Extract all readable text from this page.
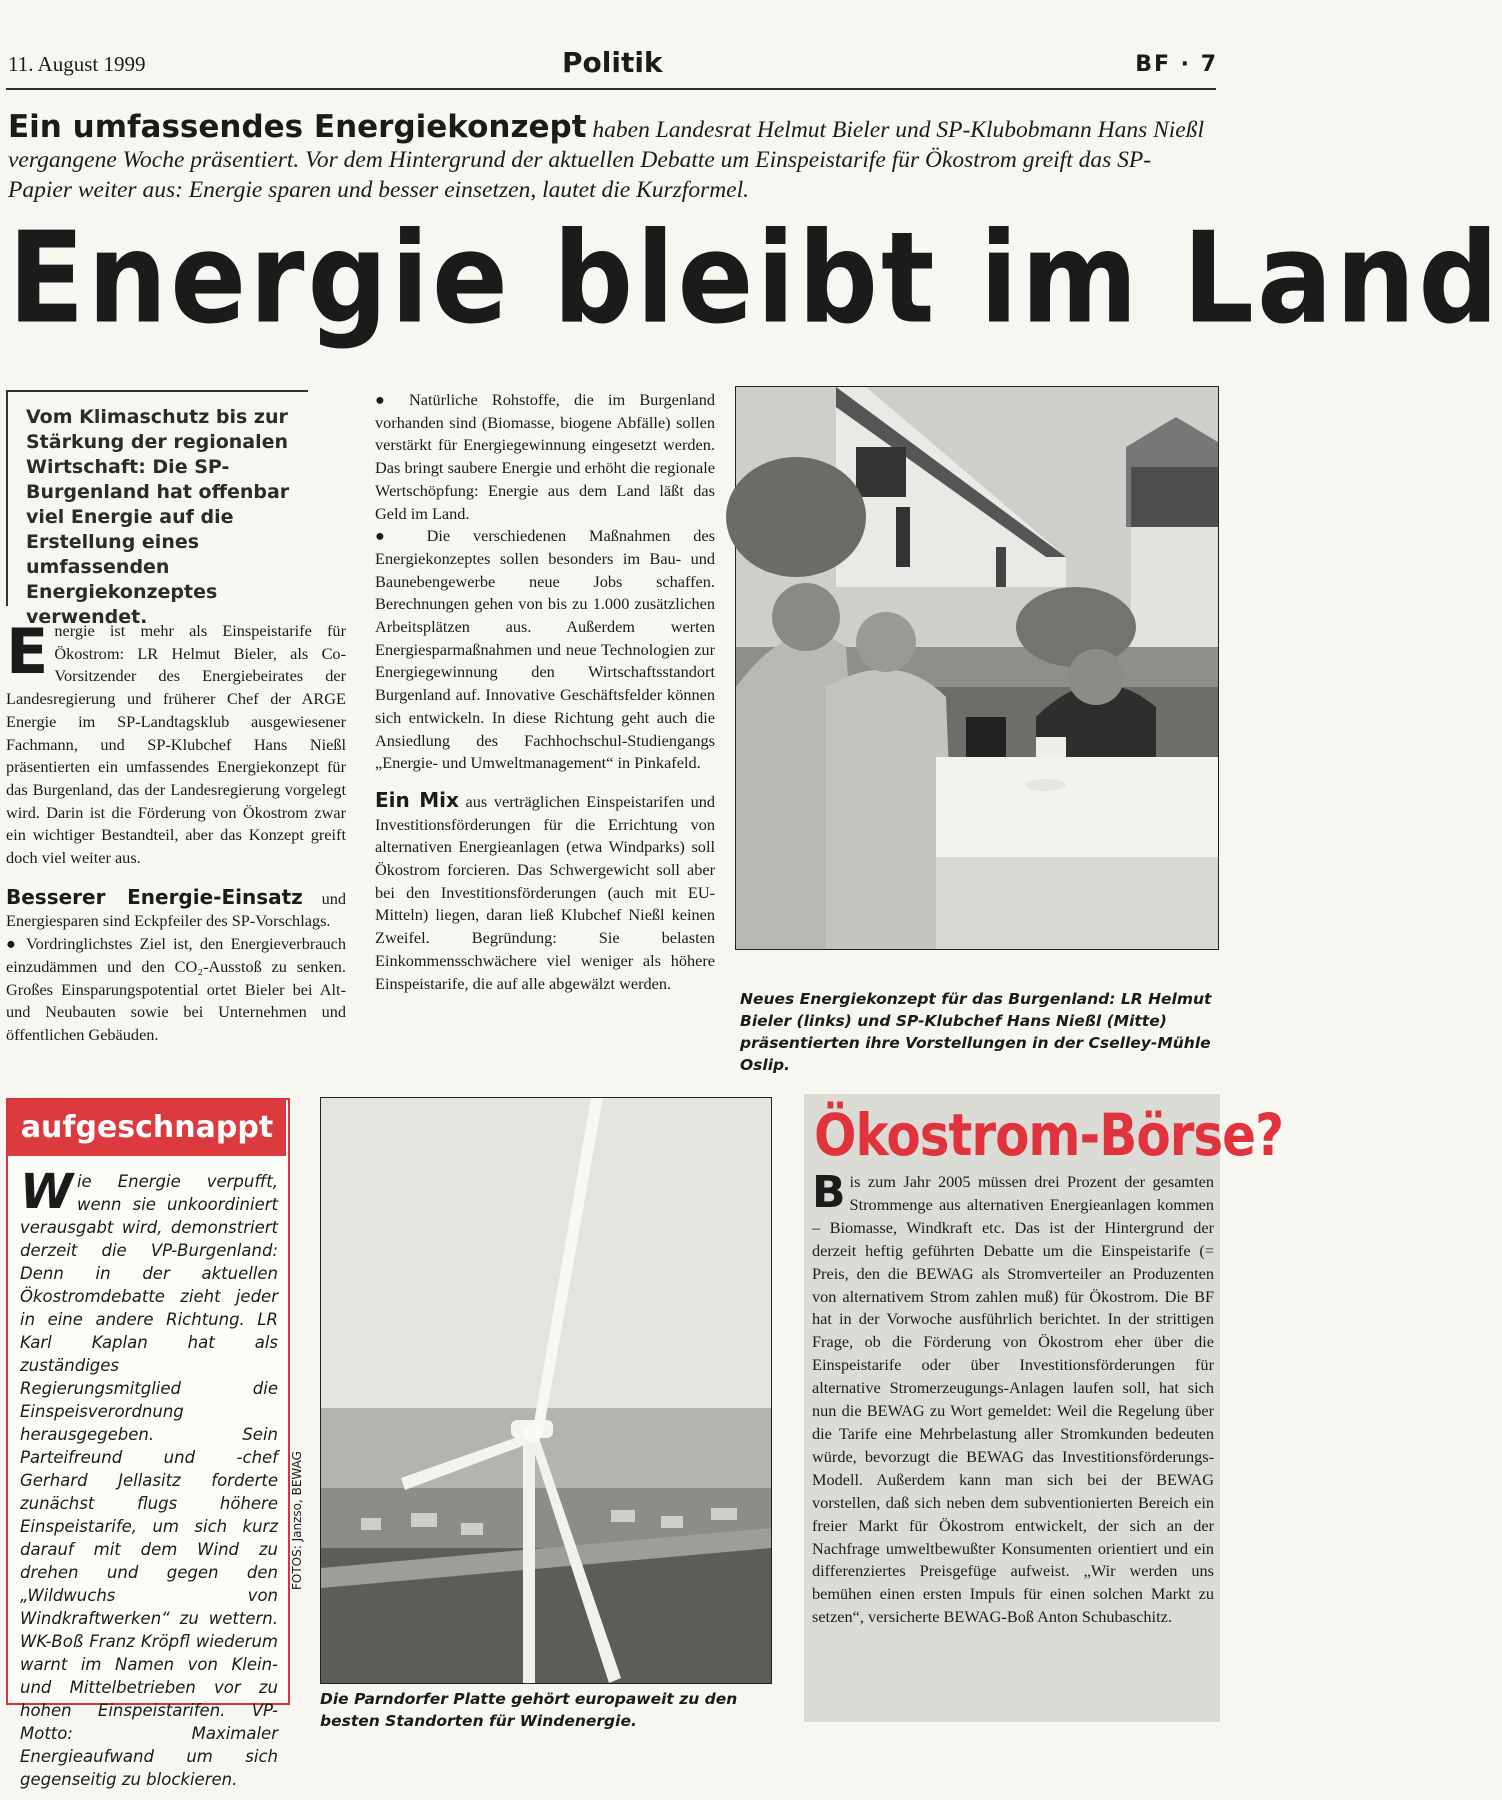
11. August 1999	Politik	BF · 7
Ein umfassendes Energiekonzept haben Landesrat Helmut Bieler und SP-Klubobmann Hans Nießl vergangene Woche präsentiert. Vor dem Hintergrund der aktuellen Debatte um Einspeistarife für Ökostrom greift das SP-Papier weiter aus: Energie sparen und besser einsetzen, lautet die Kurzformel.
Energie bleibt im Land
Vom Klimaschutz bis zur Stärkung der regionalen Wirtschaft: Die SP-Burgenland hat offenbar viel Energie auf die Erstellung eines umfassenden Energiekonzeptes verwendet.

Energie ist mehr als Einspeistarife für Ökostrom: LR Helmut Bieler, als Co-Vorsitzender des Energiebeirates der Landesregierung und früherer Chef der ARGE Energie im SP-Landtagsklub ausgewiesener Fachmann, und SP-Klubchef Hans Nießl präsentierten ein umfassendes Energiekonzept für das Burgenland, das der Landesregierung vorgelegt wird. Darin ist die Förderung von Ökostrom zwar ein wichtiger Bestandteil, aber das Konzept greift doch viel weiter aus.

Besserer Energie-Einsatz und Energiesparen sind Eckpfeiler des SP-Vorschlags.

● Vordringlichstes Ziel ist, den Energieverbrauch einzudämmen und den CO₂-Ausstoß zu senken. Großes Einsparungspotential ortet Bieler bei Alt- und Neubauten sowie bei Unternehmen und öffentlichen Gebäuden.

● Natürliche Rohstoffe, die im Burgenland vorhanden sind (Biomasse, biogene Abfälle) sollen verstärkt für Energiegewinnung eingesetzt werden. Das bringt saubere Energie und erhöht die regionale Wertschöpfung: Energie aus dem Land läßt das Geld im Land.

● Die verschiedenen Maßnahmen des Energiekonzeptes sollen besonders im Bau- und Baunebengewerbe neue Jobs schaffen. Berechnungen gehen von bis zu 1.000 zusätzlichen Arbeitsplätzen aus. Außerdem werten Energiesparmaßnahmen und neue Technologien zur Energiegewinnung den Wirtschaftsstandort Burgenland auf. Innovative Geschäftsfelder können sich entwickeln. In diese Richtung geht auch die Ansiedlung des Fachhochschul-Studiengangs „Energie- und Umweltmanagement“ in Pinkafeld.

Ein Mix aus verträglichen Einspeistarifen und Investitionsförderungen für die Errichtung von alternativen Energieanlagen (etwa Windparks) soll Ökostrom forcieren. Das Schwergewicht soll aber bei den Investitionsförderungen (auch mit EU-Mitteln) liegen, daran ließ Klubchef Nießl keinen Zweifel. Begründung: Sie belasten Einkommensschwächere viel weniger als höhere Einspeistarife, die auf alle abgewälzt werden.

Neues Energiekonzept für das Burgenland: LR Helmut Bieler (links) und SP-Klubchef Hans Nießl (Mitte) präsentierten ihre Vorstellungen in der Cselley-Mühle Oslip.
aufgeschnappt
Wie Energie verpufft, wenn sie unkoordiniert verausgabt wird, demonstriert derzeit die VP-Burgenland: Denn in der aktuellen Ökostromdebatte zieht jeder in eine andere Richtung. LR Karl Kaplan hat als zuständiges Regierungsmitglied die Einspeisverordnung herausgegeben. Sein Parteifreund und -chef Gerhard Jellasitz forderte zunächst flugs höhere Einspeistarife, um sich kurz darauf mit dem Wind zu drehen und gegen den „Wildwuchs von Windkraftwerken“ zu wettern. WK-Boß Franz Kröpfl wiederum warnt im Namen von Klein- und Mittelbetrieben vor zu hohen Einspeistarifen. VP-Motto: Maximaler Energieaufwand um sich gegenseitig zu blockieren.
FOTOS: Janzso, BEWAG
Die Parndorfer Platte gehört europaweit zu den besten Standorten für Windenergie.
Ökostrom-Börse?
Bis zum Jahr 2005 müssen drei Prozent der gesamten Strommenge aus alternativen Energieanlagen kommen – Biomasse, Windkraft etc. Das ist der Hintergrund der derzeit heftig geführten Debatte um die Einspeistarife (= Preis, den die BEWAG als Stromverteiler an Produzenten von alternativem Strom zahlen muß) für Ökostrom. Die BF hat in der Vorwoche ausführlich berichtet. In der strittigen Frage, ob die Förderung von Ökostrom eher über die Einspeistarife oder über Investitionsförderungen für alternative Stromerzeugungs-Anlagen laufen soll, hat sich nun die BEWAG zu Wort gemeldet: Weil die Regelung über die Tarife eine Mehrbelastung aller Stromkunden bedeuten würde, bevorzugt die BEWAG das Investitionsförderungs-Modell. Außerdem kann man sich bei der BEWAG vorstellen, daß sich neben dem subventionierten Bereich ein freier Markt für Ökostrom entwickelt, der sich an der Nachfrage umweltbewußter Konsumenten orientiert und ein differenziertes Preisgefüge aufweist. „Wir werden uns bemühen einen ersten Impuls für einen solchen Markt zu setzen“, versicherte BEWAG-Boß Anton Schubaschitz.
